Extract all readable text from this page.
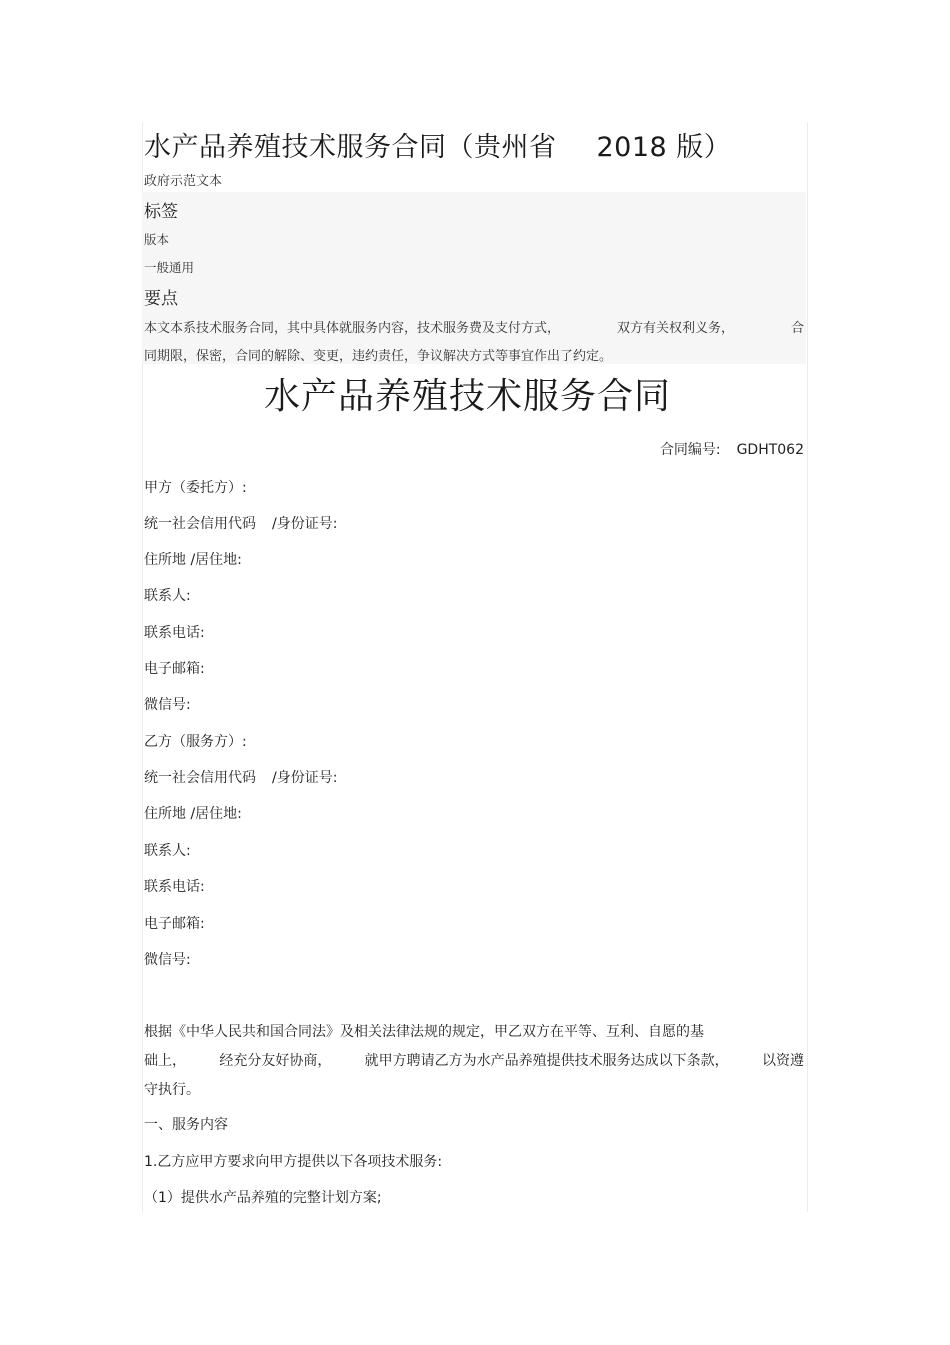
水产品养殖技术服务合同（贵州省 2018 版）
政府示范文本
标签
版本
一般通用
要点
本文本系技术服务合同，其中具体就服务内容，技术服务费及支付方式，	双方有关权利义务，	合
同期限，保密，合同的解除、变更，违约责任，争议解决方式等事宜作出了约定。
水产品养殖技术服务合同
合同编号: GDHT062
甲方（委托方）:
统一社会信用代码 /身份证号:
住所地 /居住地:
联系人:
联系电话:
电子邮箱:
微信号:
乙方（服务方）:
统一社会信用代码 /身份证号:
住所地 /居住地:
联系人:
联系电话:
电子邮箱:
微信号:
根据《中华人民共和国合同法》及相关法律法规的规定，甲乙双方在平等、互利、自愿的基
础上， 经充分友好协商， 就甲方聘请乙方为水产品养殖提供技术服务达成以下条款， 以资遵
守执行。
一、服务内容
1.乙方应甲方要求向甲方提供以下各项技术服务:
（1）提供水产品养殖的完整计划方案;
